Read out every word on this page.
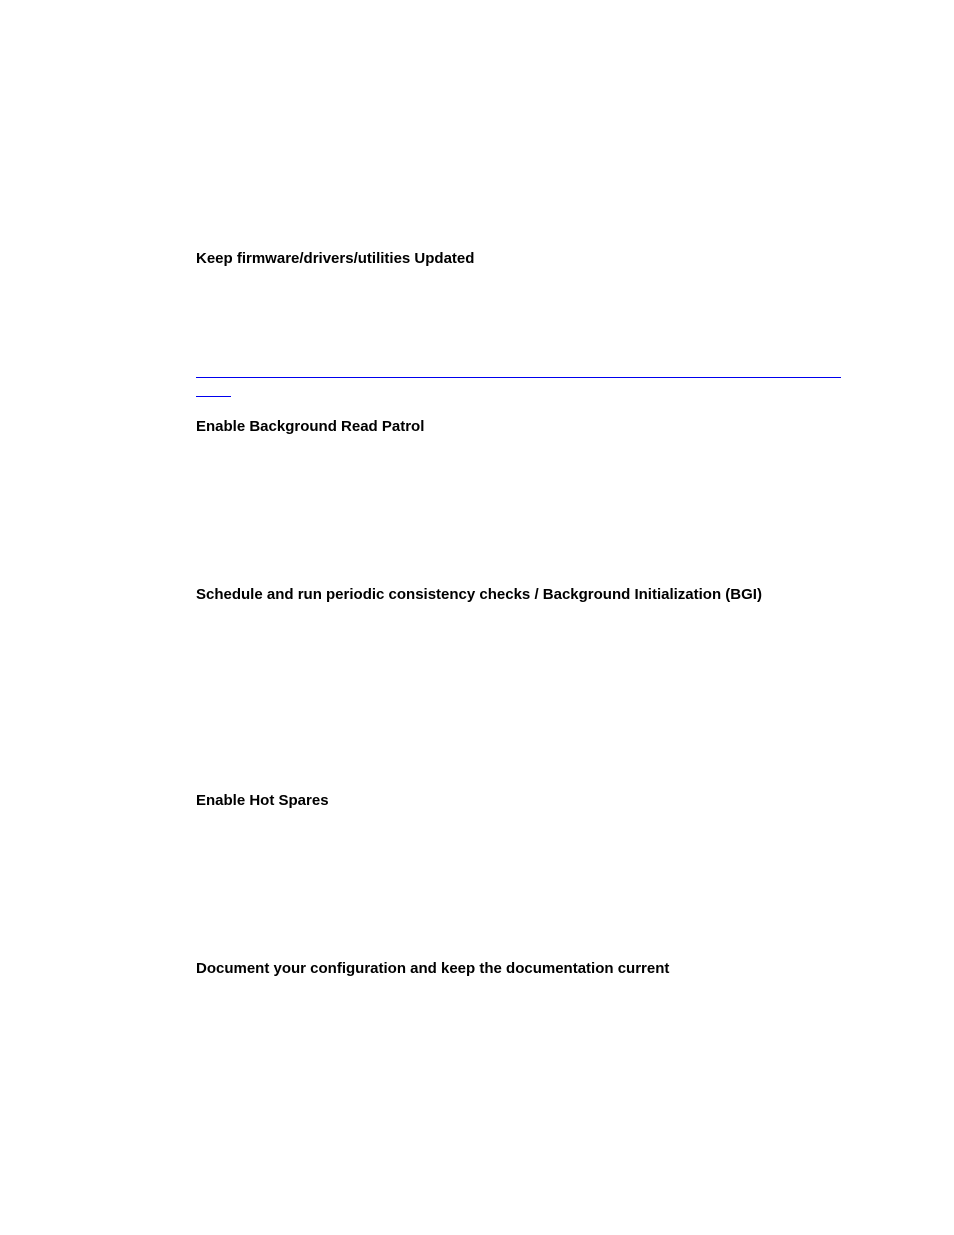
Keep firmware/drivers/utilities Updated
Enable Background Read Patrol
Schedule and run periodic consistency checks / Background Initialization (BGI)
Enable Hot Spares
Document your configuration and keep the documentation current
